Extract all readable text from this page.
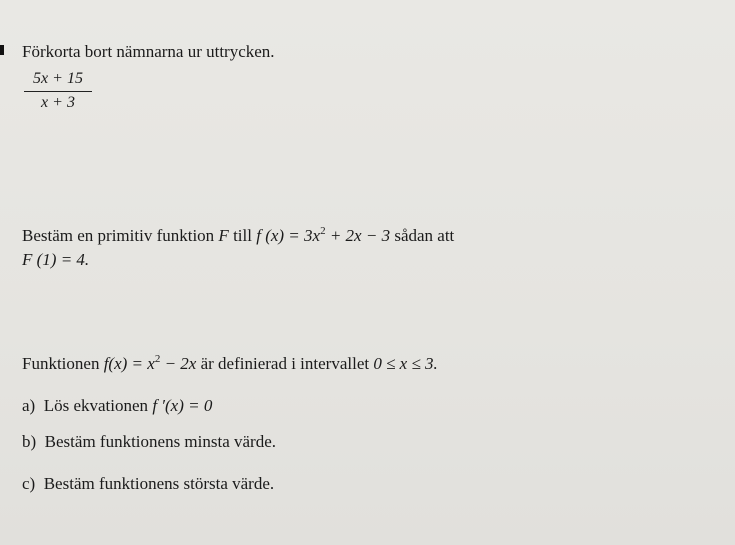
Förkorta bort nämnarna ur uttrycken.
5x + 15
x + 3
Bestäm en primitiv funktion F till f $(x) = 3x^2 + 2x - 3$ sådan att
F (1) = 4.
Funktionen $f(x) = x^2 - 2x$ är definierad i intervallet 0 ≤ x ≤ 3.
a) Lös ekvationen f ′(x) = 0
b) Bestäm funktionens minsta värde.
c) Bestäm funktionens största värde.
